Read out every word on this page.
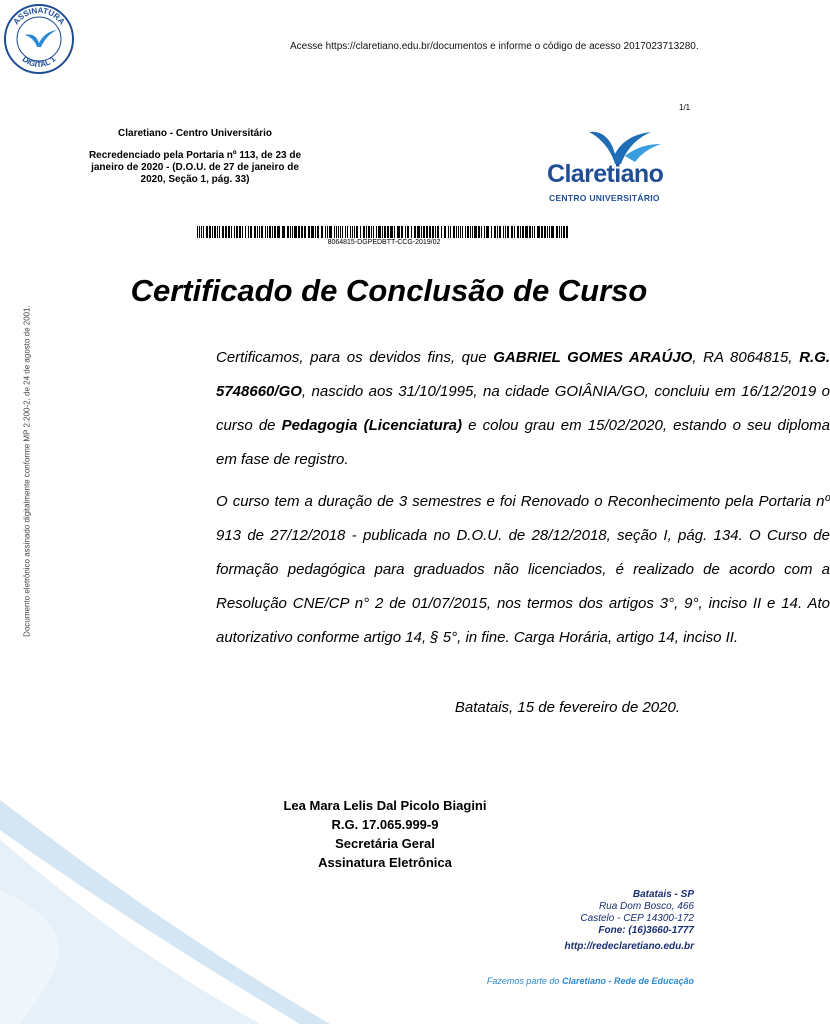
ASSINATURA
DIGITAL 1
Acesse https://claretiano.edu.br/documentos e informe o código de acesso 2017023713280.
1/1
Claretiano - Centro Universitário
Recredenciado pela Portaria nº 113, de 23 de janeiro de 2020 - (D.O.U. de 27 de janeiro de 2020, Seção 1, pág. 33)	Claretiano
CENTRO UNIVERSITÁRIO
8064815-DGPEDBTT-CCG-2019/02
Certificado de Conclusão de Curso
Certificamos, para os devidos fins, que GABRIEL GOMES ARAÚJO, RA 8064815, R.G. 5748660/GO, nascido aos 31/10/1995, na cidade GOIÂNIA/GO, concluiu em 16/12/2019 o curso de Pedagogia (Licenciatura) e colou grau em 15/02/2020, estando o seu diploma em fase de registro.
O curso tem a duração de 3 semestres e foi Renovado o Reconhecimento pela Portaria nº 913 de 27/12/2018 - publicada no D.O.U. de 28/12/2018, seção I, pág. 134. O Curso de formação pedagógica para graduados não licenciados, é realizado de acordo com a Resolução CNE/CP n° 2 de 01/07/2015, nos termos dos artigos 3°, 9°, inciso II e 14. Ato autorizativo conforme artigo 14, § 5°, in fine. Carga Horária, artigo 14, inciso II.
Batatais, 15 de fevereiro de 2020.
Lea Mara Lelis Dal Picolo Biagini
R.G. 17.065.999-9
Secretária Geral
Assinatura Eletrônica
Documento eletrônico assinado digitalmente conforme MP 2.200-2, de 24 de agosto de 2001.
Batatais - SP
Rua Dom Bosco, 466
Castelo - CEP 14300-172
Fone: (16)3660-1777
http://redeclaretiano.edu.br
Fazemos parte do Claretiano - Rede de Educação
